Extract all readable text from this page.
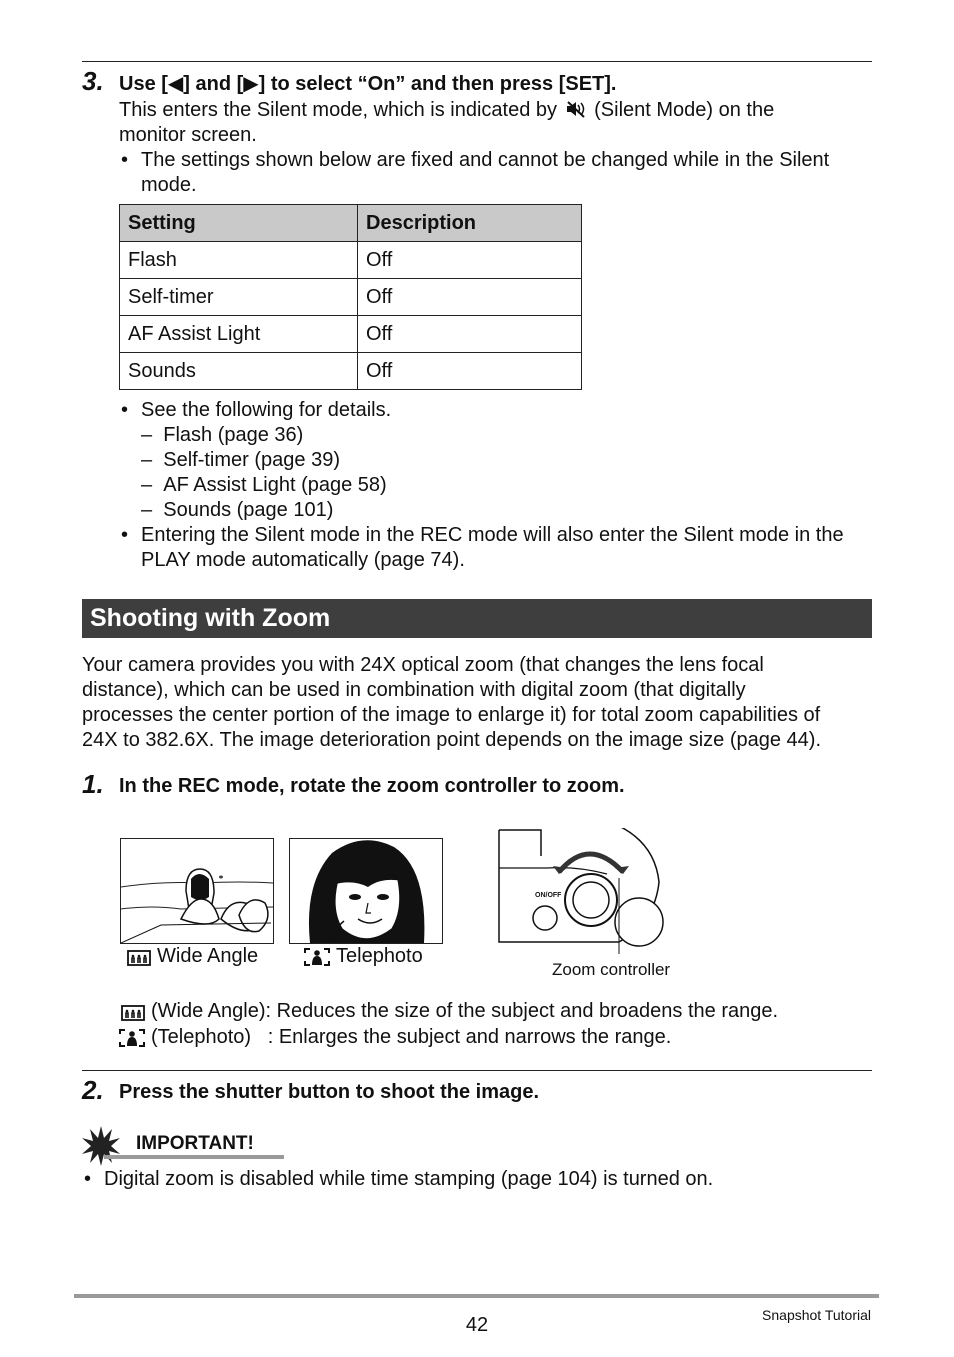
3. Use [◀] and [▶] to select “On” and then press [SET].
This enters the Silent mode, which is indicated by (Silent Mode) on the
monitor screen.
• The settings shown below are fixed and cannot be changed while in the Silent
mode.
Setting	Description
Flash	Off
Self-timer	Off
AF Assist Light	Off
Sounds	Off
• See the following for details.
–  Flash (page 36)
–  Self-timer (page 39)
–  AF Assist Light (page 58)
–  Sounds (page 101)
• Entering the Silent mode in the REC mode will also enter the Silent mode in the
PLAY mode automatically (page 74).
Shooting with Zoom
Your camera provides you with 24X optical zoom (that changes the lens focal
distance), which can be used in combination with digital zoom (that digitally
processes the center portion of the image to enlarge it) for total zoom capabilities of
24X to 382.6X. The image deterioration point depends on the image size (page 44).
1. In the REC mode, rotate the zoom controller to zoom.
Wide Angle	Telephoto
ON/OFF
Zoom controller
(Wide Angle): Reduces the size of the subject and broadens the range.
(Telephoto)   : Enlarges the subject and narrows the range.
2. Press the shutter button to shoot the image.
IMPORTANT!
• Digital zoom is disabled while time stamping (page 104) is turned on.
42	Snapshot Tutorial
